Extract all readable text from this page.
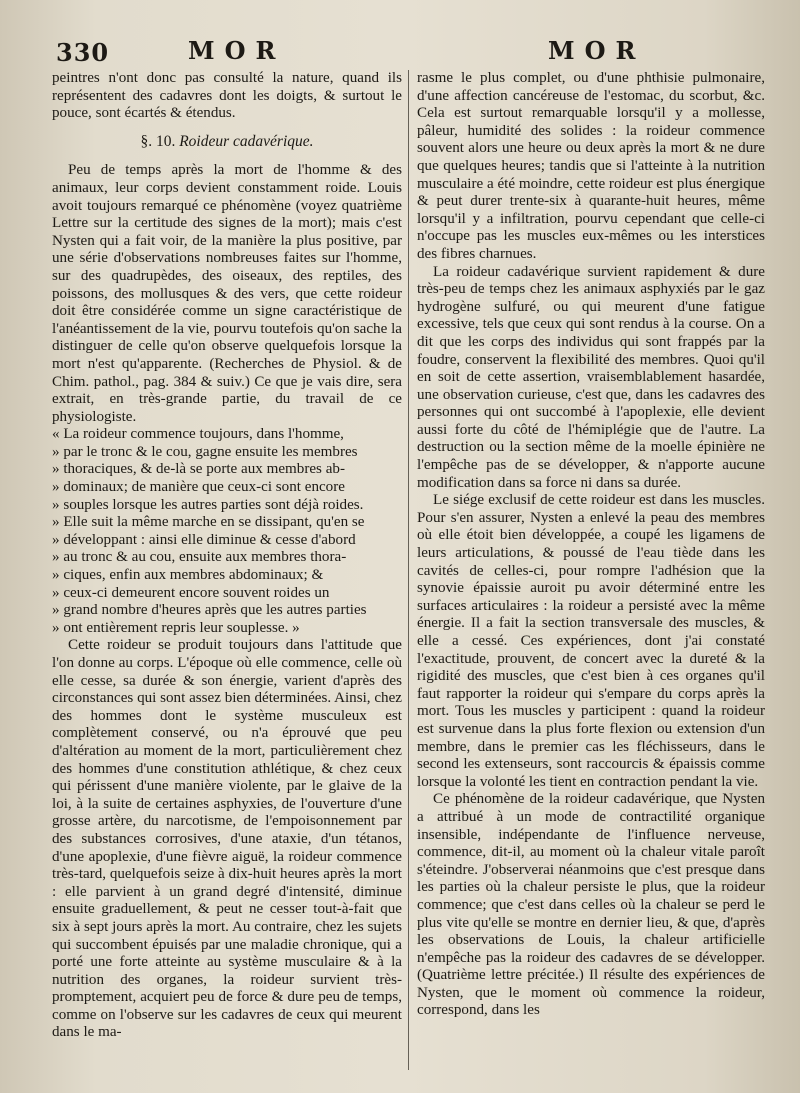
330	MOR	MOR

peintres n'ont donc pas consulté la nature, quand ils représentent des cadavres dont les doigts, & surtout le pouce, sont écartés & étendus.

§. 10. Roideur cadavérique.

Peu de temps après la mort de l'homme & des animaux, leur corps devient constamment roide. Louis avoit toujours remarqué ce phénomène (voyez quatrième Lettre sur la certitude des signes de la mort); mais c'est Nysten qui a fait voir, de la manière la plus positive, par une série d'observations nombreuses faites sur l'homme, sur des quadrupèdes, des oiseaux, des reptiles, des poissons, des mollusques & des vers, que cette roideur doit être considérée comme un signe caractéristique de l'anéantissement de la vie, pourvu toutefois qu'on sache la distinguer de celle qu'on observe quelquefois lorsque la mort n'est qu'apparente. (Recherches de Physiol. & de Chim. pathol., pag. 384 & suiv.) Ce que je vais dire, sera extrait, en très-grande partie, du travail de ce physiologiste.

« La roideur commence toujours, dans l'homme,
» par le tronc & le cou, gagne ensuite les membres
» thoraciques, & de-là se porte aux membres ab-
» dominaux; de manière que ceux-ci sont encore
» souples lorsque les autres parties sont déjà roides.
» Elle suit la même marche en se dissipant, qu'en se
» développant : ainsi elle diminue & cesse d'abord
» au tronc & au cou, ensuite aux membres thora-
» ciques, enfin aux membres abdominaux; &
» ceux-ci demeurent encore souvent roides un
» grand nombre d'heures après que les autres parties
» ont entièrement repris leur souplesse. »

Cette roideur se produit toujours dans l'attitude que l'on donne au corps. L'époque où elle commence, celle où elle cesse, sa durée & son énergie, varient d'après des circonstances qui sont assez bien déterminées. Ainsi, chez des hommes dont le système musculeux est complètement conservé, ou n'a éprouvé que peu d'altération au moment de la mort, particulièrement chez des hommes d'une constitution athlétique, & chez ceux qui périssent d'une manière violente, par le glaive de la loi, à la suite de certaines asphyxies, de l'ouverture d'une grosse artère, du narcotisme, de l'empoisonnement par des substances corrosives, d'une ataxie, d'un tétanos, d'une apoplexie, d'une fièvre aiguë, la roideur commence très-tard, quelquefois seize à dix-huit heures après la mort : elle parvient à un grand degré d'intensité, diminue ensuite graduellement, & peut ne cesser tout-à-fait que six à sept jours après la mort. Au contraire, chez les sujets qui succombent épuisés par une maladie chronique, qui a porté une forte atteinte au système musculaire & à la nutrition des organes, la roideur survient très-promptement, acquiert peu de force & dure peu de temps, comme on l'observe sur les cadavres de ceux qui meurent dans le ma-

rasme le plus complet, ou d'une phthisie pulmonaire, d'une affection cancéreuse de l'estomac, du scorbut, &c. Cela est surtout remarquable lorsqu'il y a mollesse, pâleur, humidité des solides : la roideur commence souvent alors une heure ou deux après la mort & ne dure que quelques heures; tandis que si l'atteinte à la nutrition musculaire a été moindre, cette roideur est plus énergique & peut durer trente-six à quarante-huit heures, même lorsqu'il y a infiltration, pourvu cependant que celle-ci n'occupe pas les muscles eux-mêmes ou les interstices des fibres charnues.

La roideur cadavérique survient rapidement & dure très-peu de temps chez les animaux asphyxiés par le gaz hydrogène sulfuré, ou qui meurent d'une fatigue excessive, tels que ceux qui sont rendus à la course. On a dit que les corps des individus qui sont frappés par la foudre, conservent la flexibilité des membres. Quoi qu'il en soit de cette assertion, vraisemblablement hasardée, une observation curieuse, c'est que, dans les cadavres des personnes qui ont succombé à l'apoplexie, elle devient aussi forte du côté de l'hémiplégie que de l'autre. La destruction ou la section même de la moelle épinière ne l'empêche pas de se développer, & n'apporte aucune modification dans sa force ni dans sa durée.

Le siége exclusif de cette roideur est dans les muscles. Pour s'en assurer, Nysten a enlevé la peau des membres où elle étoit bien développée, a coupé les ligamens de leurs articulations, & poussé de l'eau tiède dans les cavités de celles-ci, pour rompre l'adhésion que la synovie épaissie auroit pu avoir déterminé entre les surfaces articulaires : la roideur a persisté avec la même énergie. Il a fait la section transversale des muscles, & elle a cessé. Ces expériences, dont j'ai constaté l'exactitude, prouvent, de concert avec la dureté & la rigidité des muscles, que c'est bien à ces organes qu'il faut rapporter la roideur qui s'empare du corps après la mort. Tous les muscles y participent : quand la roideur est survenue dans la plus forte flexion ou extension d'un membre, dans le premier cas les fléchisseurs, dans le second les extenseurs, sont raccourcis & épaissis comme lorsque la volonté les tient en contraction pendant la vie.

Ce phénomène de la roideur cadavérique, que Nysten a attribué à un mode de contractilité organique insensible, indépendante de l'influence nerveuse, commence, dit-il, au moment où la chaleur vitale paroît s'éteindre. J'observerai néanmoins que c'est presque dans les parties où la chaleur persiste le plus, que la roideur commence; que c'est dans celles où la chaleur se perd le plus vite qu'elle se montre en dernier lieu, & que, d'après les observations de Louis, la chaleur artificielle n'empêche pas la roideur des cadavres de se développer. (Quatrième lettre précitée.) Il résulte des expériences de Nysten, que le moment où commence la roideur, correspond, dans les
